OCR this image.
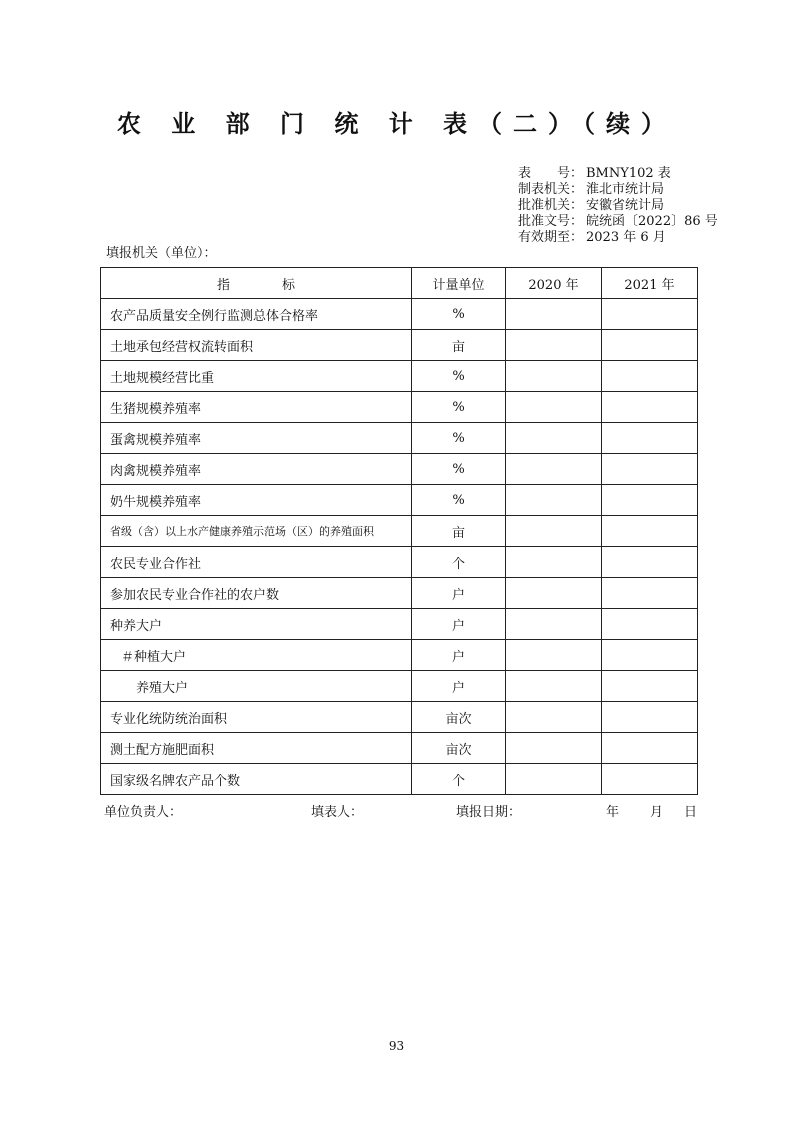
农 业 部 门 统 计 表（二）（续）
表　　号： BMNY102 表
制表机关： 淮北市统计局
批准机关： 安徽省统计局
批准文号： 皖统函〔2022〕86 号
有效期至： 2023 年 6 月
填报机关（单位）：
指　　　　标	计量单位	2020 年	2021 年
农产品质量安全例行监测总体合格率	%		
土地承包经营权流转面积	亩		
土地规模经营比重	%		
生猪规模养殖率	%		
蛋禽规模养殖率	%		
肉禽规模养殖率	%		
奶牛规模养殖率	%		
省级（含）以上水产健康养殖示范场（区）的养殖面积	亩		
农民专业合作社	个		
参加农民专业合作社的农户数	户		
种养大户	户		
＃种植大户	户		
养殖大户	户		
专业化统防统治面积	亩次		
测土配方施肥面积	亩次		
国家级名牌农产品个数	个		
单位负责人：	填表人：	填报日期：	年 月 日
93
